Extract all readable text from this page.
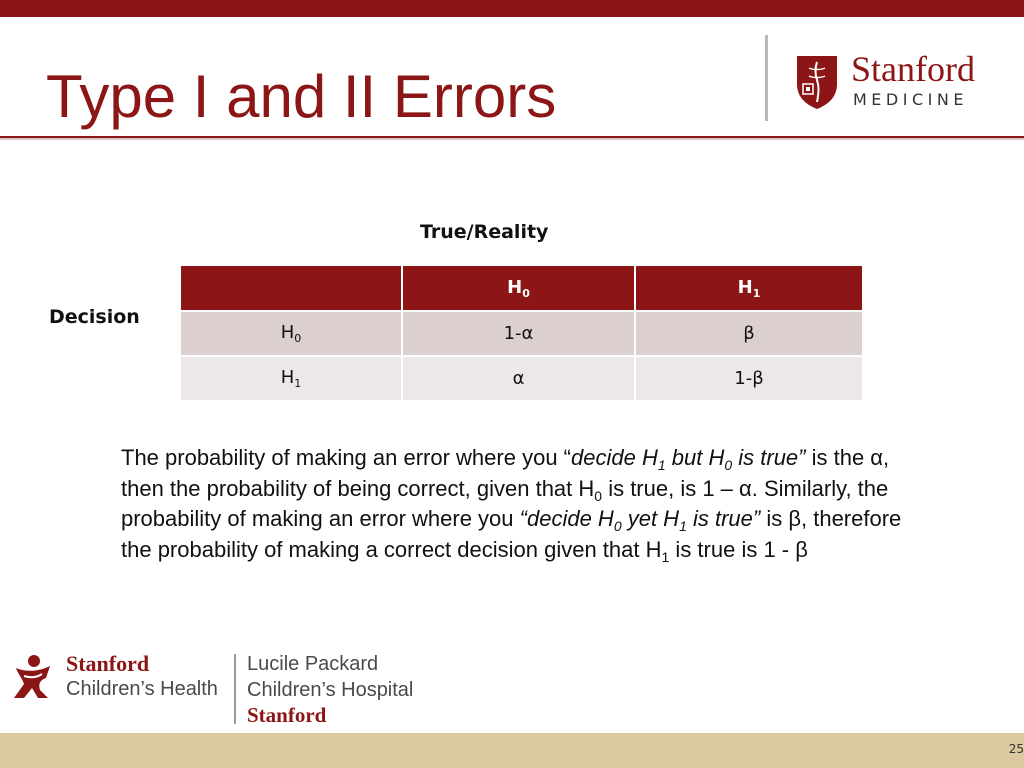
Type I and II Errors	Stanford
MEDICINE
True/Reality
Decision
	$H_0$	$H_1$
$H_0$	1-α	β
$H_1$	α	1-β

The probability of making an error where you “decide $H_1$ but $H_0$ is true” is the α, then the probability of being correct, given that $H_0$ is true, is 1 – α. Similarly, the probability of making an error where you “decide $H_0$ yet $H_1$ is true” is β, therefore the probability of making a correct decision given that $H_1$ is true is 1 - β

Stanford
Children’s Health
Lucile Packard
Children’s Hospital
Stanford
25
